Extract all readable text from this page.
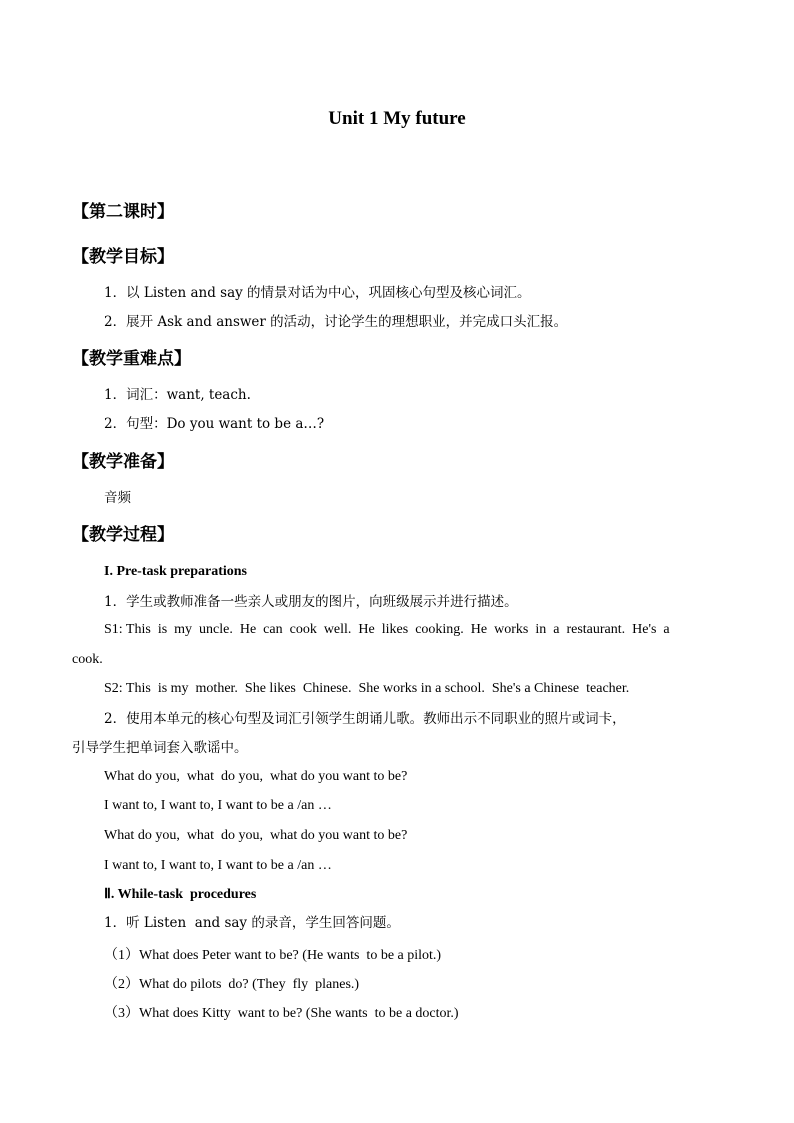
Unit 1 My future
【第二课时】
【教学目标】
1．以 Listen and say 的情景对话为中心，巩固核心句型及核心词汇。
2．展开 Ask and answer 的活动，讨论学生的理想职业，并完成口头汇报。
【教学重难点】
1．词汇：want, teach.
2．句型：Do you want to be a…?
【教学准备】
音频
【教学过程】
I. Pre-task preparations
1．学生或教师准备一些亲人或朋友的图片，向班级展示并进行描述。
S1: This  is  my  uncle.  He  can  cook  well.  He  likes  cooking.  He  works  in  a  restaurant.  He's  a
cook.
S2: This  is my  mother.  She likes  Chinese.  She works in a school.  She's a Chinese  teacher.
2．使用本单元的核心句型及词汇引领学生朗诵儿歌。教师出示不同职业的照片或词卡，
引导学生把单词套入歌谣中。
What do you,  what  do you,  what do you want to be?
I want to, I want to, I want to be a /an …
What do you,  what  do you,  what do you want to be?
I want to, I want to, I want to be a /an …
Ⅱ. While-task  procedures
1．听 Listen  and say 的录音，学生回答问题。
（1）What does Peter want to be? (He wants  to be a pilot.)
（2）What do pilots  do? (They  fly  planes.)
（3）What does Kitty  want to be? (She wants  to be a doctor.)
